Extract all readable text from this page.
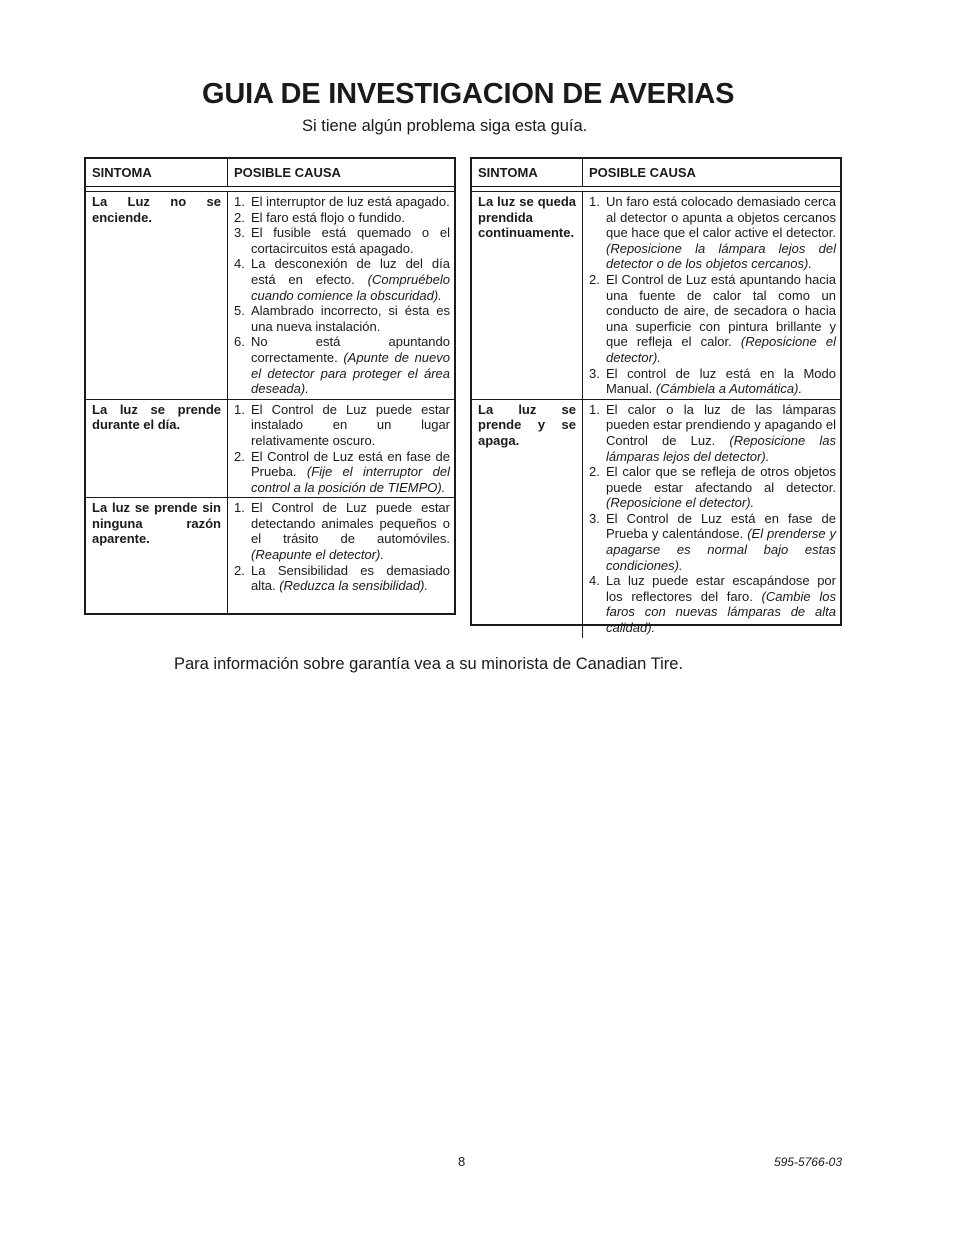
GUIA DE INVESTIGACION DE AVERIAS
Si tiene algún problema siga esta guía.
SINTOMA	POSIBLE CAUSA
La Luz no se enciende.
1. El interruptor de luz está apagado.
2. El faro está flojo o fundido.
3. El fusible está quemado o el cortacircuitos está apagado.
4. La desconexión de luz del día está en efecto. (Compruébelo cuando comience la obscuridad).
5. Alambrado incorrecto, si ésta es una nueva instalación.
6. No está apuntando correctamente. (Apunte de nuevo el detector para proteger el área deseada).
La luz se prende durante el día.
1. El Control de Luz puede estar instalado en un lugar relativamente oscuro.
2. El Control de Luz está en fase de Prueba. (Fije el interruptor del control a la posición de TIEMPO).
La luz se prende sin ninguna razón aparente.
1. El Control de Luz puede estar detectando animales pequeños o el trásito de automóviles. (Reapunte el detector).
2. La Sensibilidad es demasiado alta. (Reduzca la sensibilidad).
SINTOMA	POSIBLE CAUSA
La luz se queda prendida continuamente.
1. Un faro está colocado demasiado cerca al detector o apunta a objetos cercanos que hace que el calor active el detector. (Reposicione la lámpara lejos del detector o de los objetos cercanos).
2. El Control de Luz está apuntando hacia una fuente de calor tal como un conducto de aire, de secadora o hacia una superficie con pintura brillante y que refleja el calor. (Reposicione el detector).
3. El control de luz está en la Modo Manual. (Cámbiela a Automática).
La luz se prende y se apaga.
1. El calor o la luz de las lámparas pueden estar prendiendo y apagando el Control de Luz. (Reposicione las lámparas lejos del detector).
2. El calor que se refleja de otros objetos puede estar afectando al detector. (Reposicione el detector).
3. El Control de Luz está en fase de Prueba y calentándose. (El prenderse y apagarse es normal bajo estas condiciones).
4. La luz puede estar escapándose por los reflectores del faro. (Cambie los faros con nuevas lámparas de alta calidad).
Para información sobre garantía vea a su minorista de Canadian Tire.
8	595-5766-03
